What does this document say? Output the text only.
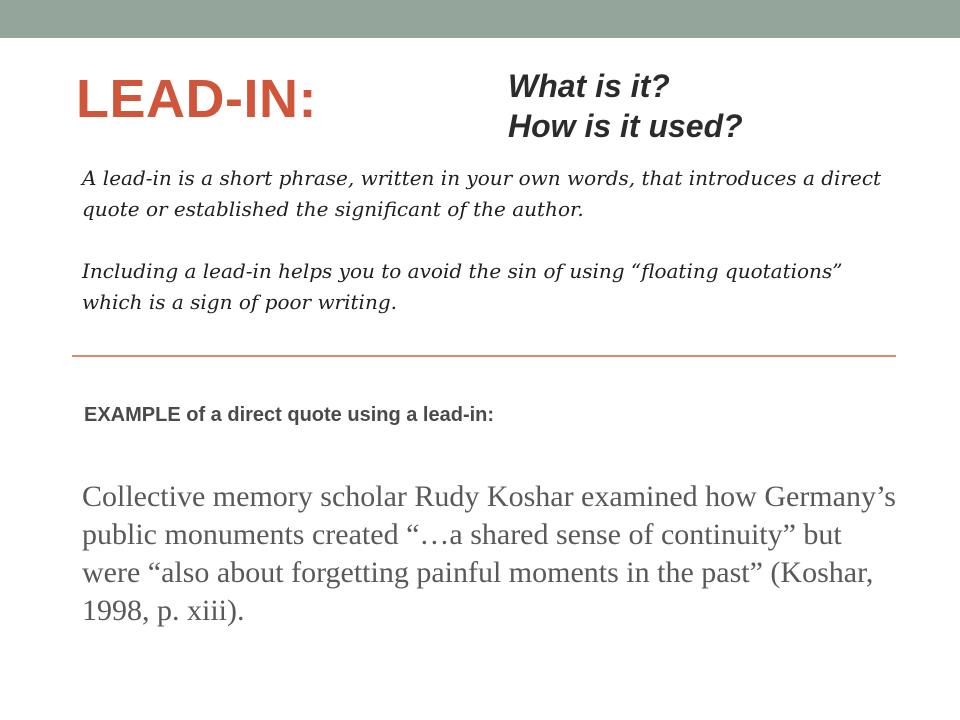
LEAD-IN:	What is it?
How is it used?

A lead-in is a short phrase, written in your own words, that introduces a direct quote or established the significant of the author.

Including a lead-in helps you to avoid the sin of using “floating quotations” which is a sign of poor writing.

EXAMPLE of a direct quote using a lead-in:

Collective memory scholar Rudy Koshar examined how Germany’s public monuments created “…a shared sense of continuity” but were “also about forgetting painful moments in the past” (Koshar, 1998, p. xiii).
